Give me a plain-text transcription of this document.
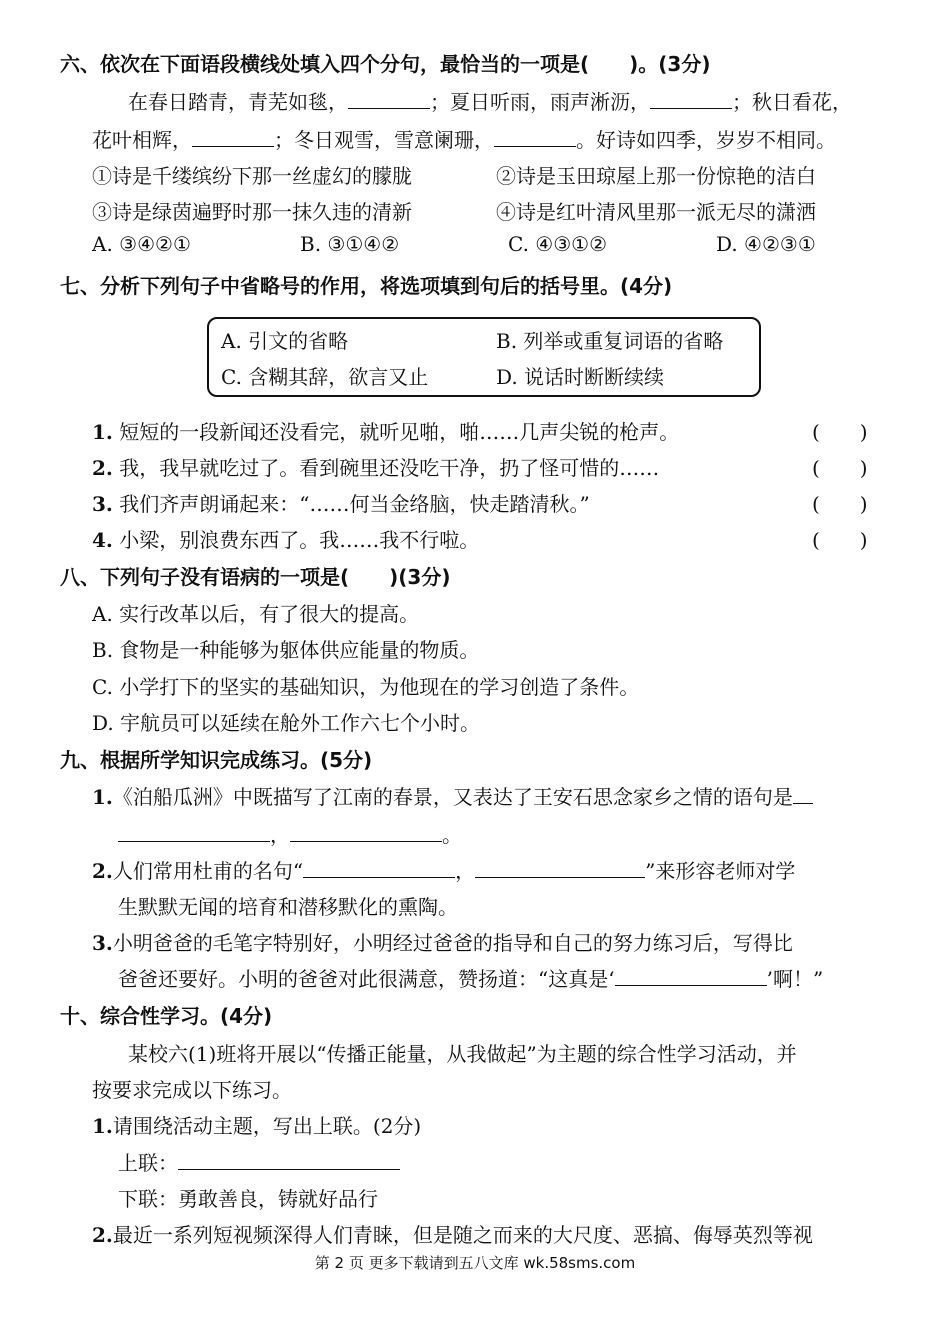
六、依次在下面语段横线处填入四个分句，最恰当的一项是(　　)。(3分)
在春日踏青，青芜如毯，	；夏日听雨，雨声淅沥，	；秋日看花，
花叶相辉，	；冬日观雪，雪意阑珊，	。好诗如四季，岁岁不相同。
①诗是千缕缤纷下那一丝虚幻的朦胧	②诗是玉田琼屋上那一份惊艳的洁白
③诗是绿茵遍野时那一抹久违的清新	④诗是红叶清风里那一派无尽的潇洒
A. ③④②①	B. ③①④②	C. ④③①②	D. ④②③①
七、分析下列句子中省略号的作用，将选项填到句后的括号里。(4分)
A. 引文的省略	B. 列举或重复词语的省略
C. 含糊其辞，欲言又止	D. 说话时断断续续
1. 短短的一段新闻还没看完，就听见啪，啪……几声尖锐的枪声。	(　　)
2. 我，我早就吃过了。看到碗里还没吃干净，扔了怪可惜的……	(　　)
3. 我们齐声朗诵起来：“……何当金络脑，快走踏清秋。”	(　　)
4. 小梁，别浪费东西了。我……我不行啦。	(　　)
八、下列句子没有语病的一项是(　　)(3分)
A. 实行改革以后，有了很大的提高。
B. 食物是一种能够为躯体供应能量的物质。
C. 小学打下的坚实的基础知识，为他现在的学习创造了条件。
D. 宇航员可以延续在舱外工作六七个小时。
九、根据所学知识完成练习。(5分)
1.《泊船瓜洲》中既描写了江南的春景，又表达了王安石思念家乡之情的语句是
，	。
2.人们常用杜甫的名句“	，	”来形容老师对学
生默默无闻的培育和潜移默化的熏陶。
3.小明爸爸的毛笔字特别好，小明经过爸爸的指导和自己的努力练习后，写得比
爸爸还要好。小明的爸爸对此很满意，赞扬道：“这真是‘	’啊！”
十、综合性学习。(4分)
某校六(1)班将开展以“传播正能量，从我做起”为主题的综合性学习活动，并
按要求完成以下练习。
1.请围绕活动主题，写出上联。(2分)
上联：
下联：勇敢善良，铸就好品行
2.最近一系列短视频深得人们青睐，但是随之而来的大尺度、恶搞、侮辱英烈等视
第 2 页 更多下载请到五八文库 wk.58sms.com
